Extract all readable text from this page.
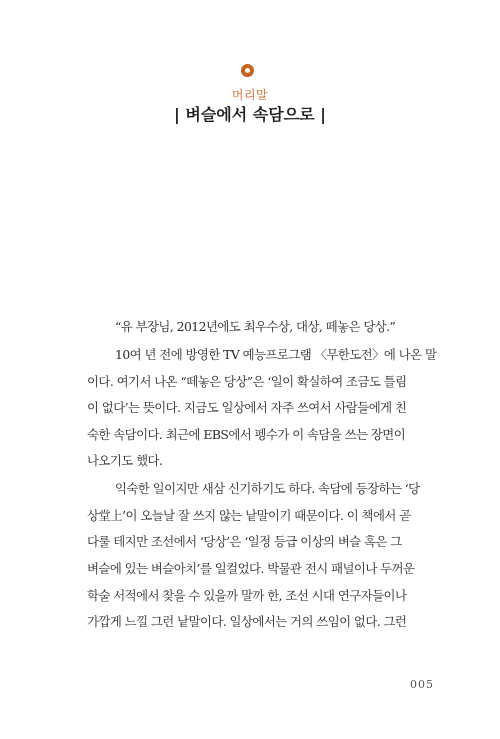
머리말
| 벼슬에서 속담으로 |
“유 부장님, 2012년에도 최우수상, 대상, 떼놓은 당상.”
10여 년 전에 방영한 TV 예능프로그램 〈무한도전〉에 나온 말
이다. 여기서 나온 “떼놓은 당상”은 ‘일이 확실하여 조금도 틀림
이 없다’는 뜻이다. 지금도 일상에서 자주 쓰여서 사람들에게 친
숙한 속담이다. 최근에 EBS에서 펭수가 이 속담을 쓰는 장면이
나오기도 했다.
익숙한 일이지만 새삼 신기하기도 하다. 속담에 등장하는 ‘당
상堂上’이 오늘날 잘 쓰지 않는 낱말이기 때문이다. 이 책에서 곧
다룰 테지만 조선에서 ‘당상’은 ‘일정 등급 이상의 벼슬 혹은 그
벼슬에 있는 벼슬아치’를 일컬었다. 박물관 전시 패널이나 두꺼운
학술 서적에서 찾을 수 있을까 말까 한, 조선 시대 연구자들이나
가깝게 느낄 그런 낱말이다. 일상에서는 거의 쓰임이 없다. 그런
005
